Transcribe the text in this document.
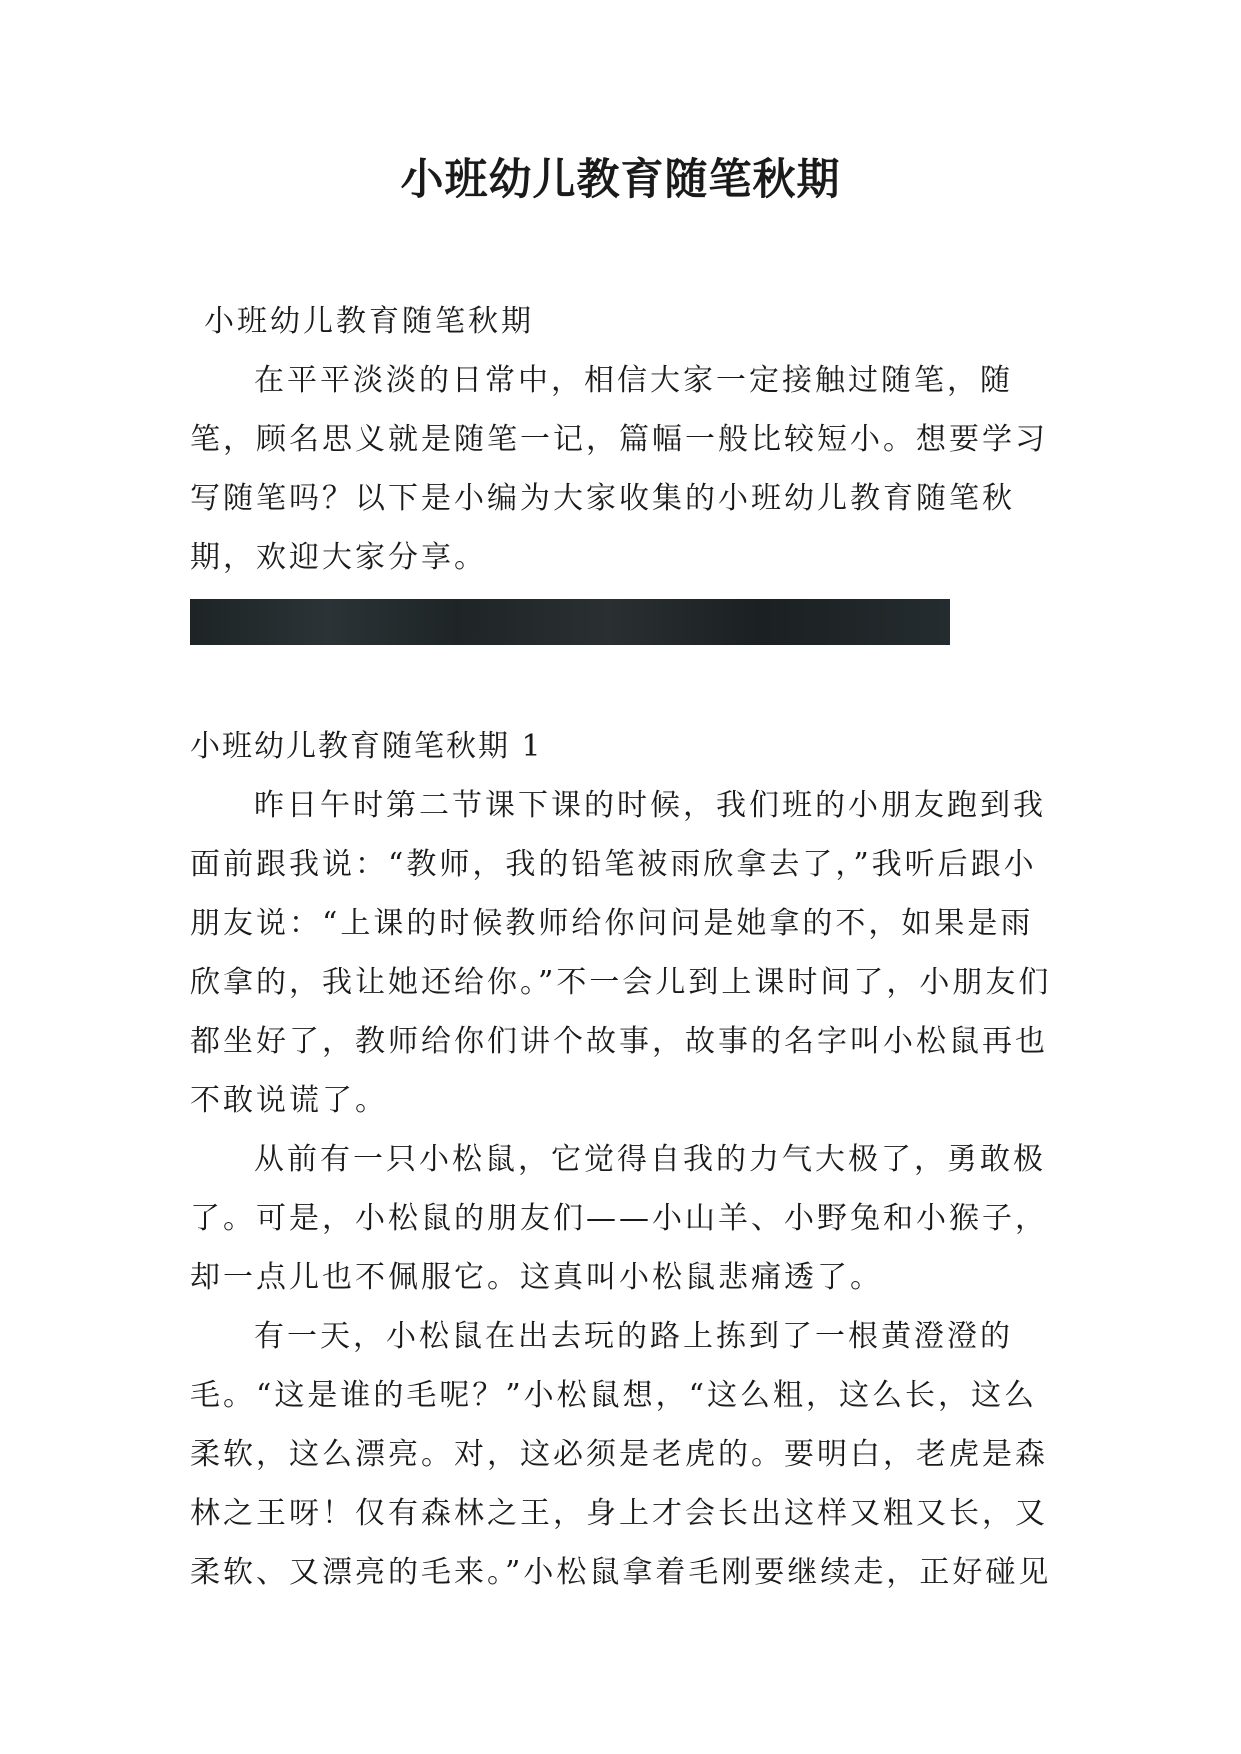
小班幼儿教育随笔秋期

小班幼儿教育随笔秋期

在平平淡淡的日常中，相信大家一定接触过随笔，随笔，顾名思义就是随笔一记，篇幅一般比较短小。想要学习写随笔吗？以下是小编为大家收集的小班幼儿教育随笔秋期，欢迎大家分享。

小班幼儿教育随笔秋期 1

昨日午时第二节课下课的时候，我们班的小朋友跑到我面前跟我说：“教师，我的铅笔被雨欣拿去了，”我听后跟小朋友说：“上课的时候教师给你问问是她拿的不，如果是雨欣拿的，我让她还给你。”不一会儿到上课时间了，小朋友们都坐好了，教师给你们讲个故事，故事的名字叫小松鼠再也不敢说谎了。

从前有一只小松鼠，它觉得自我的力气大极了，勇敢极了。可是，小松鼠的朋友们——小山羊、小野兔和小猴子，却一点儿也不佩服它。这真叫小松鼠悲痛透了。

有一天，小松鼠在出去玩的路上拣到了一根黄澄澄的毛。“这是谁的毛呢？”小松鼠想，“这么粗，这么长，这么柔软，这么漂亮。对，这必须是老虎的。要明白，老虎是森林之王呀！仅有森林之王，身上才会长出这样又粗又长，又柔软、又漂亮的毛来。”小松鼠拿着毛刚要继续走，正好碰见
